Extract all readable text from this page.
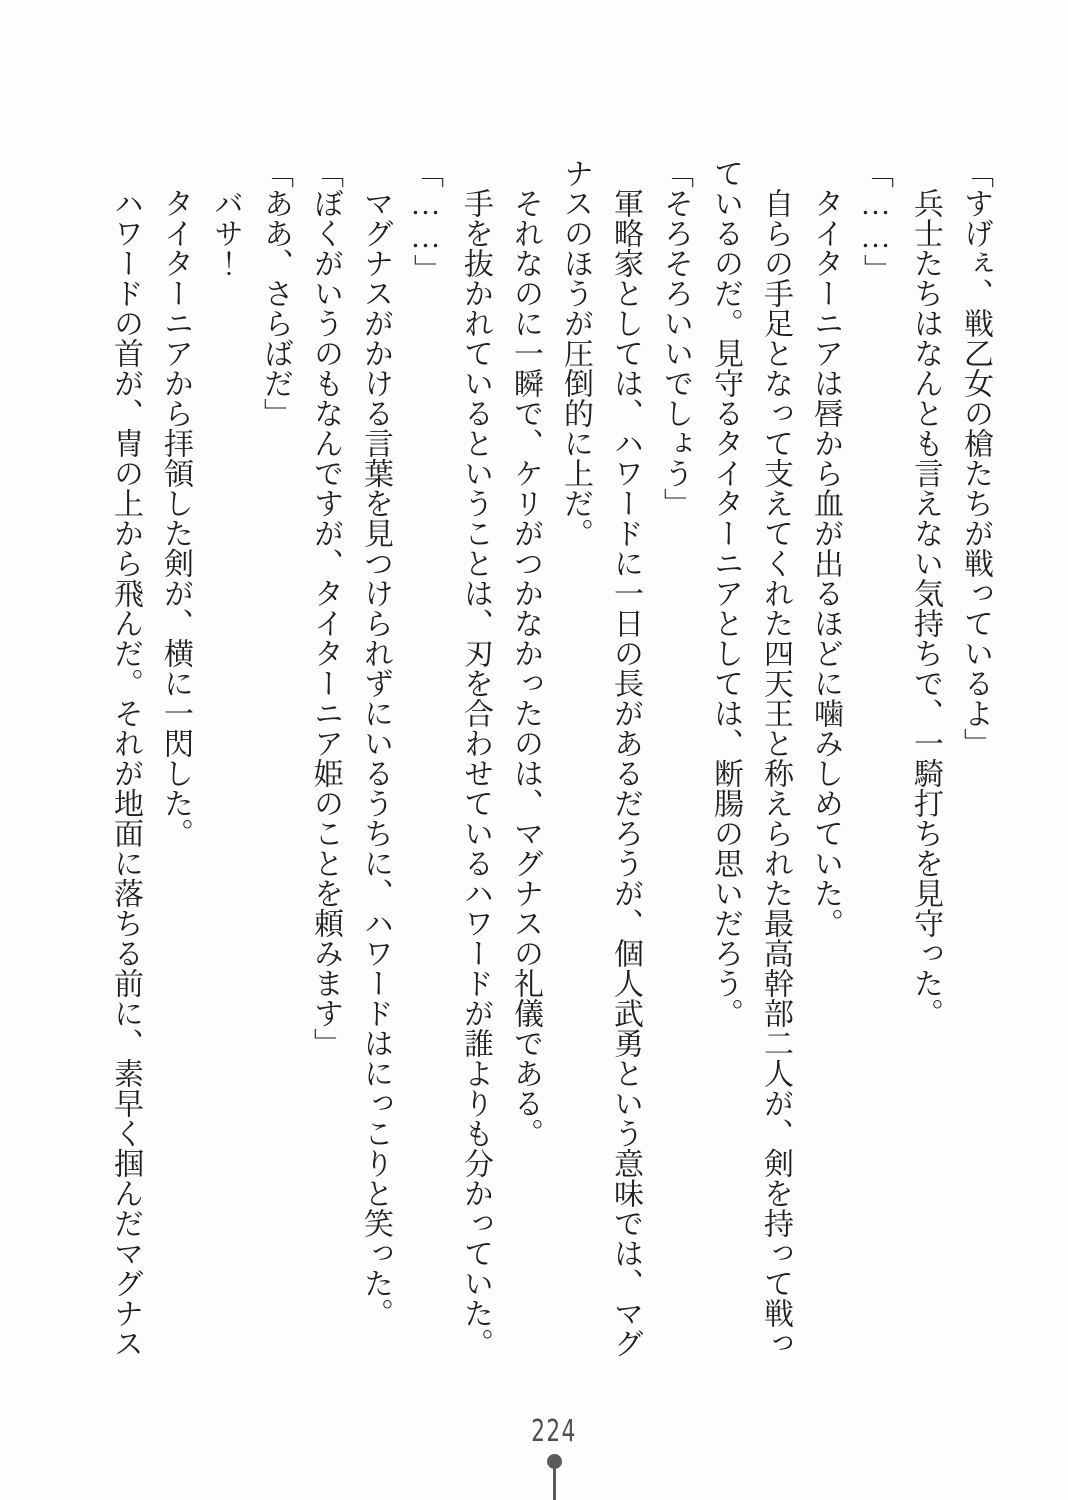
「すげぇ、戦乙女の槍たちが戦っているよ」

兵士たちはなんとも言えない気持ちで、一騎打ちを見守った。

「……」

タイターニアは唇から血が出るほどに噛みしめていた。

自らの手足となって支えてくれた四天王と称えられた最高幹部二人が、剣を持って戦っているのだ。見守るタイターニアとしては、断腸の思いだろう。

「そろそろいいでしょう」

軍略家としては、ハワードに一日の長があるだろうが、個人武勇という意味では、マグナスのほうが圧倒的に上だ。

それなのに一瞬で、ケリがつかなかったのは、マグナスの礼儀である。

手を抜かれているということは、刃を合わせているハワードが誰よりも分かっていた。

「……」

マグナスがかける言葉を見つけられずにいるうちに、ハワードはにっこりと笑った。

「ぼくがいうのもなんですが、タイターニア姫のことを頼みます」

「ああ、さらばだ」

バサ！

タイターニアから拝領した剣が、横に一閃した。

ハワードの首が、冑の上から飛んだ。それが地面に落ちる前に、素早く掴んだマグナス

224
